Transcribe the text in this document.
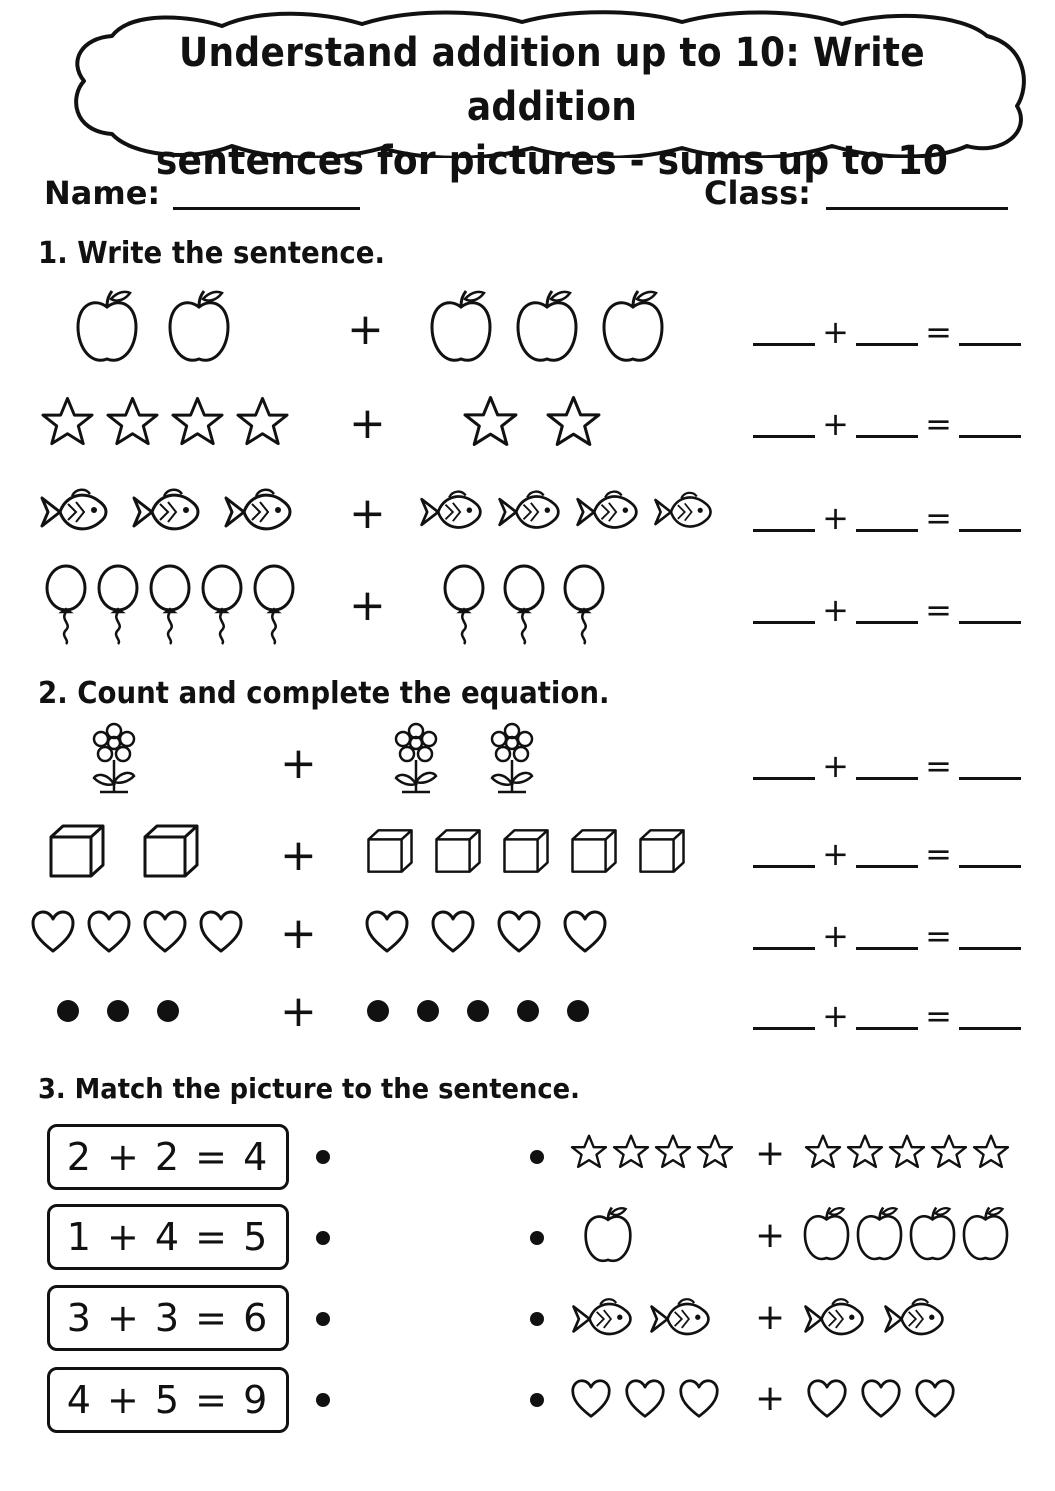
Understand addition up to 10: Write addition
sentences for pictures - sums up to 10
Name:	Class:
1. Write the sentence.
+	+ =
+	+ =
+	+ =
+	+ =
2. Count and complete the equation.
+	+ =
+	+ =
+	+ =
+	+ =
3. Match the picture to the sentence.
2 + 2 = 4	+
1 + 4 = 5	+
3 + 3 = 6	+
4 + 5 = 9	+
